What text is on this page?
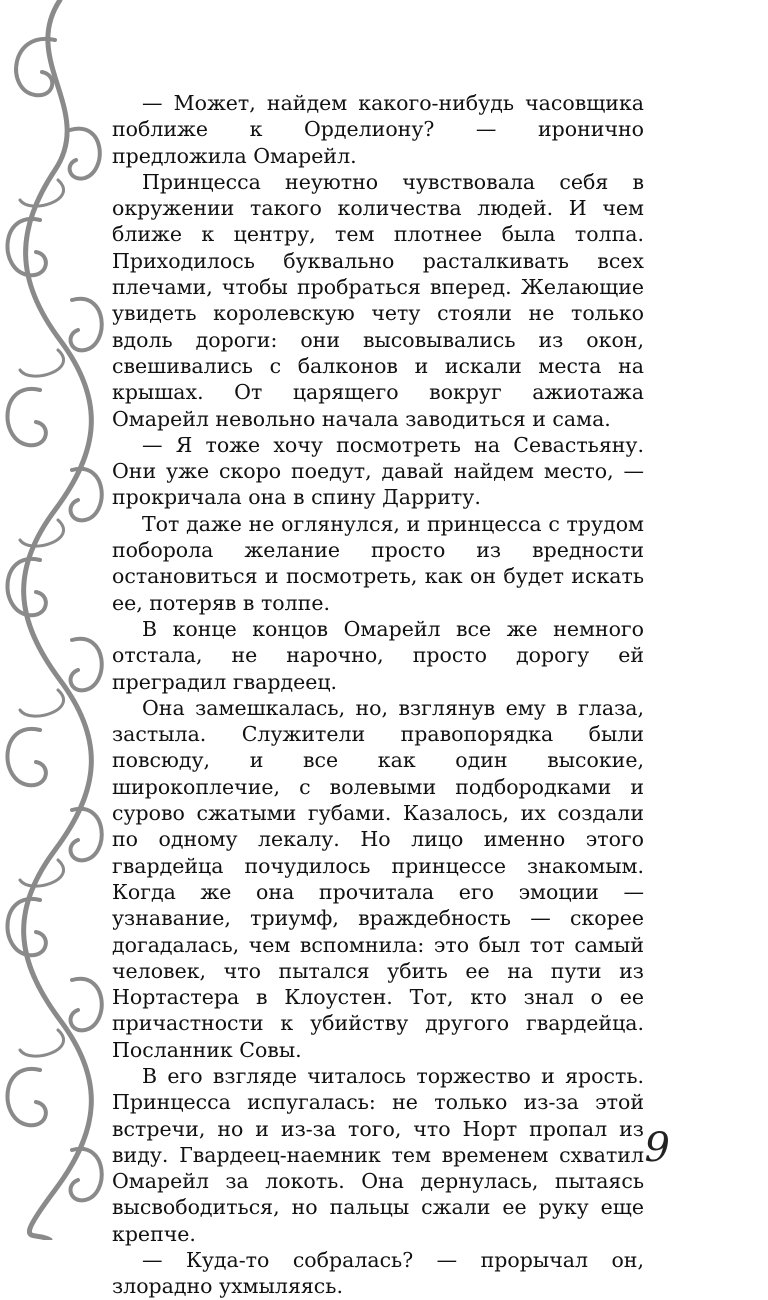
— Может, найдем какого-нибудь часовщика поближе к Орделиону? — иронично предложила Омарейл.

Принцесса неуютно чувствовала себя в окружении такого количества людей. И чем ближе к центру, тем плотнее была толпа. Приходилось буквально расталкивать всех плечами, чтобы пробраться вперед. Желающие увидеть королевскую чету стояли не только вдоль дороги: они высовывались из окон, свешивались с балконов и искали места на крышах. От царящего вокруг ажиотажа Омарейл невольно начала заводиться и сама.

— Я тоже хочу посмотреть на Севастьяну. Они уже скоро поедут, давай найдем место, — прокричала она в спину Дарриту.

Тот даже не оглянулся, и принцесса с трудом поборола желание просто из вредности остановиться и посмотреть, как он будет искать ее, потеряв в толпе.

В конце концов Омарейл все же немного отстала, не нарочно, просто дорогу ей преградил гвардеец.

Она замешкалась, но, взглянув ему в глаза, застыла. Служители правопорядка были повсюду, и все как один высокие, широкоплечие, с волевыми подбородками и сурово сжатыми губами. Казалось, их создали по одному лекалу. Но лицо именно этого гвардейца почудилось принцессе знакомым. Когда же она прочитала его эмоции — узнавание, триумф, враждебность — скорее догадалась, чем вспомнила: это был тот самый человек, что пытался убить ее на пути из Нортастера в Клоустен. Тот, кто знал о ее причастности к убийству другого гвардейца. Посланник Совы.

В его взгляде читалось торжество и ярость. Принцесса испугалась: не только из-за этой встречи, но и из-за того, что Норт пропал из виду. Гвардеец-наемник тем временем схватил Омарейл за локоть. Она дернулась, пытаясь высвободиться, но пальцы сжали ее руку еще крепче.

— Куда-то собралась? — прорычал он, злорадно ухмыляясь.

9
